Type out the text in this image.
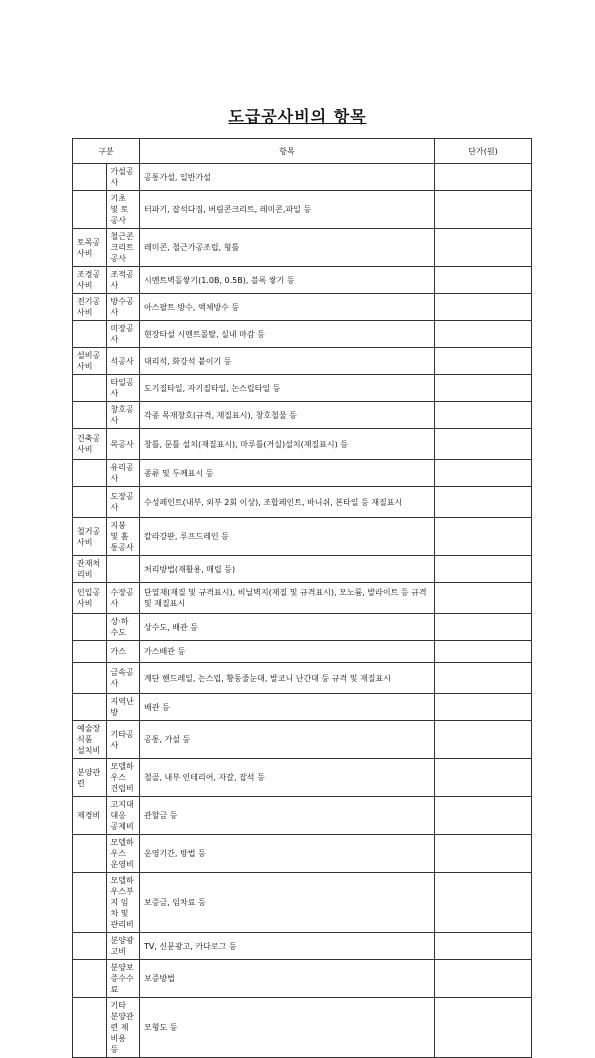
도급공사비의 항목
구분		항목	단가(원)
	가설공사	공통가설, 일반가설	
	기초 및 토공사	터파기, 잡석다짐, 버림콘크리트, 레미콘,파일 등	
토목공사비	철근콘크리트공사	레미콘, 철근가공조립, 형틀	
조경공사비	조적공사	시멘트벽돌쌓기(1.0B, 0.5B), 블록 쌓기 등	
전기공사비	방수공사	아스팔트 방수, 액체방수 등	
	미장공사	현장타설 시멘트몰탈, 실내 마감 등	
설비공사비	석공사	대리석, 화강석 붙이기 등	
	타일공사	도기질타일, 자기질타일, 논스립타일 등	
	창호공사	각종 목재창호(규격, 재질표시), 창호철물 등	
건축공사비	목공사	창틀, 문틀 설치(재질표시), 마루틀(거실)설치(재질표시) 등	
	유리공사	종류 및 두께표시 등	
	도장공사	수성페인트(내부, 외부 2회 이상), 조합페인트, 바니쉬, 본타일 등 재질표시	
철거공사비	지붕 및 홈통공사	칼라강판, 루프드레인 등	
잔재처리비		처리방법(재활용, 매립 등)	
인입공사비	수장공사	단열재(재질 및 규격표시), 비닐벽지(재질 및 규격표시), 모노륨, 발라이트 등 규격 및 재질표시	
	상·하수도	상수도, 배관 등	
	가스	가스배관 등	
	금속공사	계단 핸드레일, 논스립, 황동줄눈대, 발코니 난간대 등 규격 및 재질표시	
	지역난방	배관 등	
예술장식품 설치비	기타공사	공통, 가설 등	
분양관련	모델하우스 건립비	철골, 내부 인테리어, 자갈, 잡석 등	
제경비	고지대 대응 공제비	관할금 등	
	모델하우스 운영비	운영기간, 방법 등	
	모델하우스부지 임차 및 관리비	보증금, 임차료 등	
	분양광고비	TV, 신문광고, 카다로그 등	
	분양보증수수료	보증방법	
	기타 분양관련 제비용 등	모형도 등	
